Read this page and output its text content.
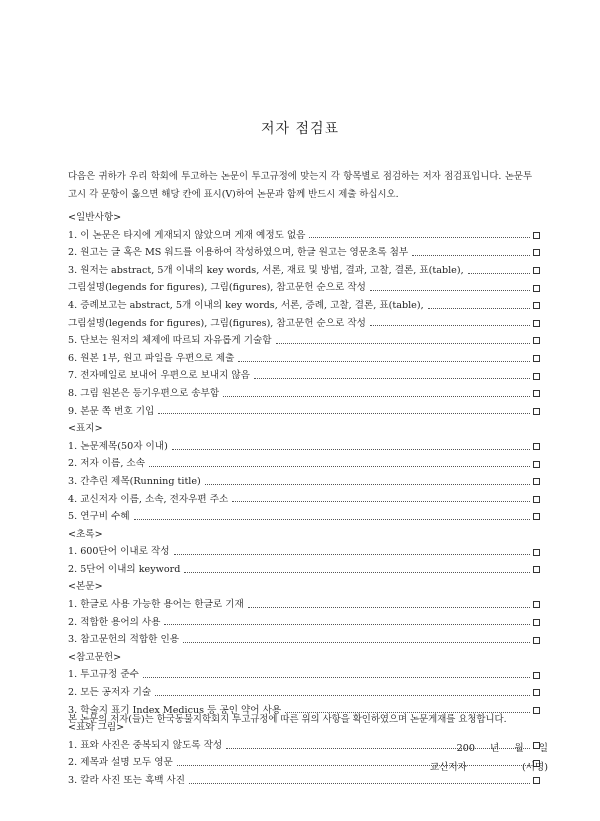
저자 점검표
다음은 귀하가 우리 학회에 투고하는 논문이 투고규정에 맞는지 각 항목별로 점검하는 저자 점검표입니다. 논문투고시 각 문항이 옳으면 해당 칸에 표시(V)하여 논문과 함께 반드시 제출 하십시오.
<일반사항>
1. 이 논문은 타지에 게재되지 않았으며 게재 예정도 없음
2. 원고는 글 혹은 MS 워드를 이용하여 작성하였으며, 한글 원고는 영문초록 첨부
3. 원저는 abstract, 5개 이내의 key words, 서론, 재료 및 방법, 결과, 고찰, 결론, 표(table),
그림설명(legends for figures), 그림(figures), 참고문헌 순으로 작성
4. 증례보고는 abstract, 5개 이내의 key words, 서론, 증례, 고찰, 결론, 표(table),
그림설명(legends for figures), 그림(figures), 참고문헌 순으로 작성
5. 단보는 원저의 체제에 따르되 자유롭게 기술함
6. 원본 1부, 원고 파일을 우편으로 제출
7. 전자메일로 보내어 우편으로 보내지 않음
8. 그림 원본은 등기우편으로 송부함
9. 본문 쪽 번호 기입
<표지>
1. 논문제목(50자 이내)
2. 저자 이름, 소속
3. 간추린 제목(Running title)
4. 교신저자 이름, 소속, 전자우편 주소
5. 연구비 수혜
<초록>
1. 600단어 이내로 작성
2. 5단어 이내의 keyword
<본문>
1. 한글로 사용 가능한 용어는 한글로 기재
2. 적합한 용어의 사용
3. 참고문헌의 적합한 인용
<참고문헌>
1. 투고규정 준수
2. 모든 공저자 기술
3. 학술지 표기 Index Medicus 등 공인 약어 사용
<표와 그림>
1. 표와 사진은 중복되지 않도록 작성
2. 제목과 설명 모두 영문
3. 칼라 사진 또는 흑백 사진
본 논문의 저자(들)는 한국동물지학회지 투고규정에 따른 위의 사항을 확인하였으며 논문게재를 요청합니다.
200 년 월 일
교신저자	(서명)
